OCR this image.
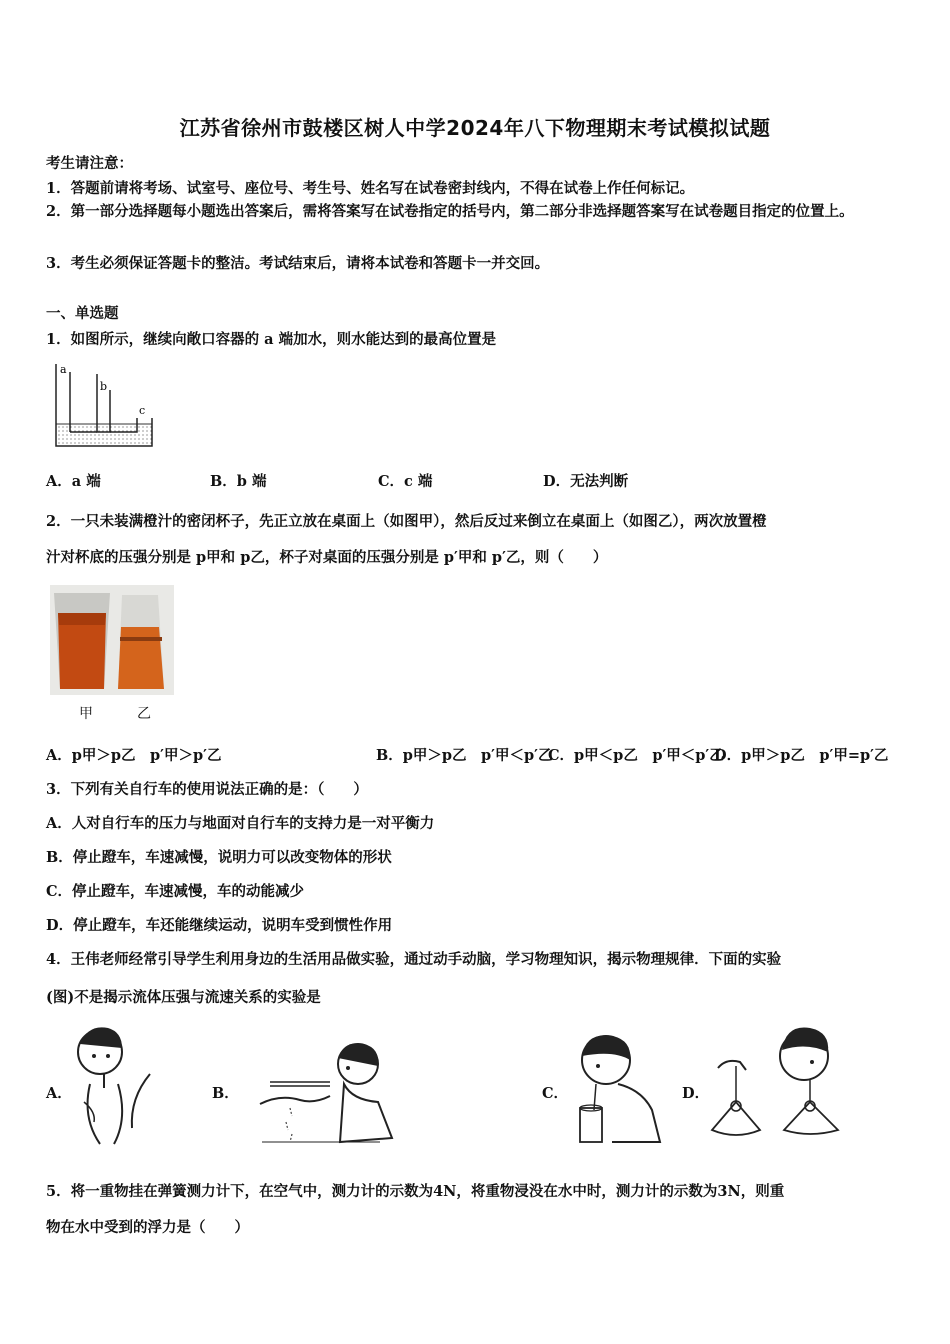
江苏省徐州市鼓楼区树人中学2024年八下物理期末考试模拟试题
考生请注意：
1．答题前请将考场、试室号、座位号、考生号、姓名写在试卷密封线内，不得在试卷上作任何标记。
2．第一部分选择题每小题选出答案后，需将答案写在试卷指定的括号内，第二部分非选择题答案写在试卷题目指定的位置上。
3．考生必须保证答题卡的整洁。考试结束后，请将本试卷和答题卡一并交回。
一、单选题
1．如图所示，继续向敞口容器的 a 端加水，则水能达到的最高位置是
a
b
c
A．a 端	B．b 端	C．c 端	D．无法判断
2．一只未装满橙汁的密闭杯子，先正立放在桌面上（如图甲），然后反过来倒立在桌面上（如图乙），两次放置橙
汁对杯底的压强分别是 p甲和 p乙，杯子对桌面的压强分别是 p′甲和 p′乙，则（　　）
甲	乙
A．p甲＞p乙　p′甲＞p′乙	B．p甲＞p乙　p′甲＜p′乙
C．p甲＜p乙　p′甲＜p′乙
D．p甲＞p乙　p′甲=p′乙
3．下列有关自行车的使用说法正确的是：（　　）
A．人对自行车的压力与地面对自行车的支持力是一对平衡力
B．停止蹬车，车速减慢，说明力可以改变物体的形状
C．停止蹬车，车速减慢，车的动能减少
D．停止蹬车，车还能继续运动，说明车受到惯性作用
4．王伟老师经常引导学生利用身边的生活用品做实验，通过动手动脑，学习物理知识，揭示物理规律．下面的实验
(图)不是揭示流体压强与流速关系的实验是
A．	B．	C．	D．
5．将一重物挂在弹簧测力计下，在空气中，测力计的示数为4N，将重物浸没在水中时，测力计的示数为3N，则重
物在水中受到的浮力是（　　）
